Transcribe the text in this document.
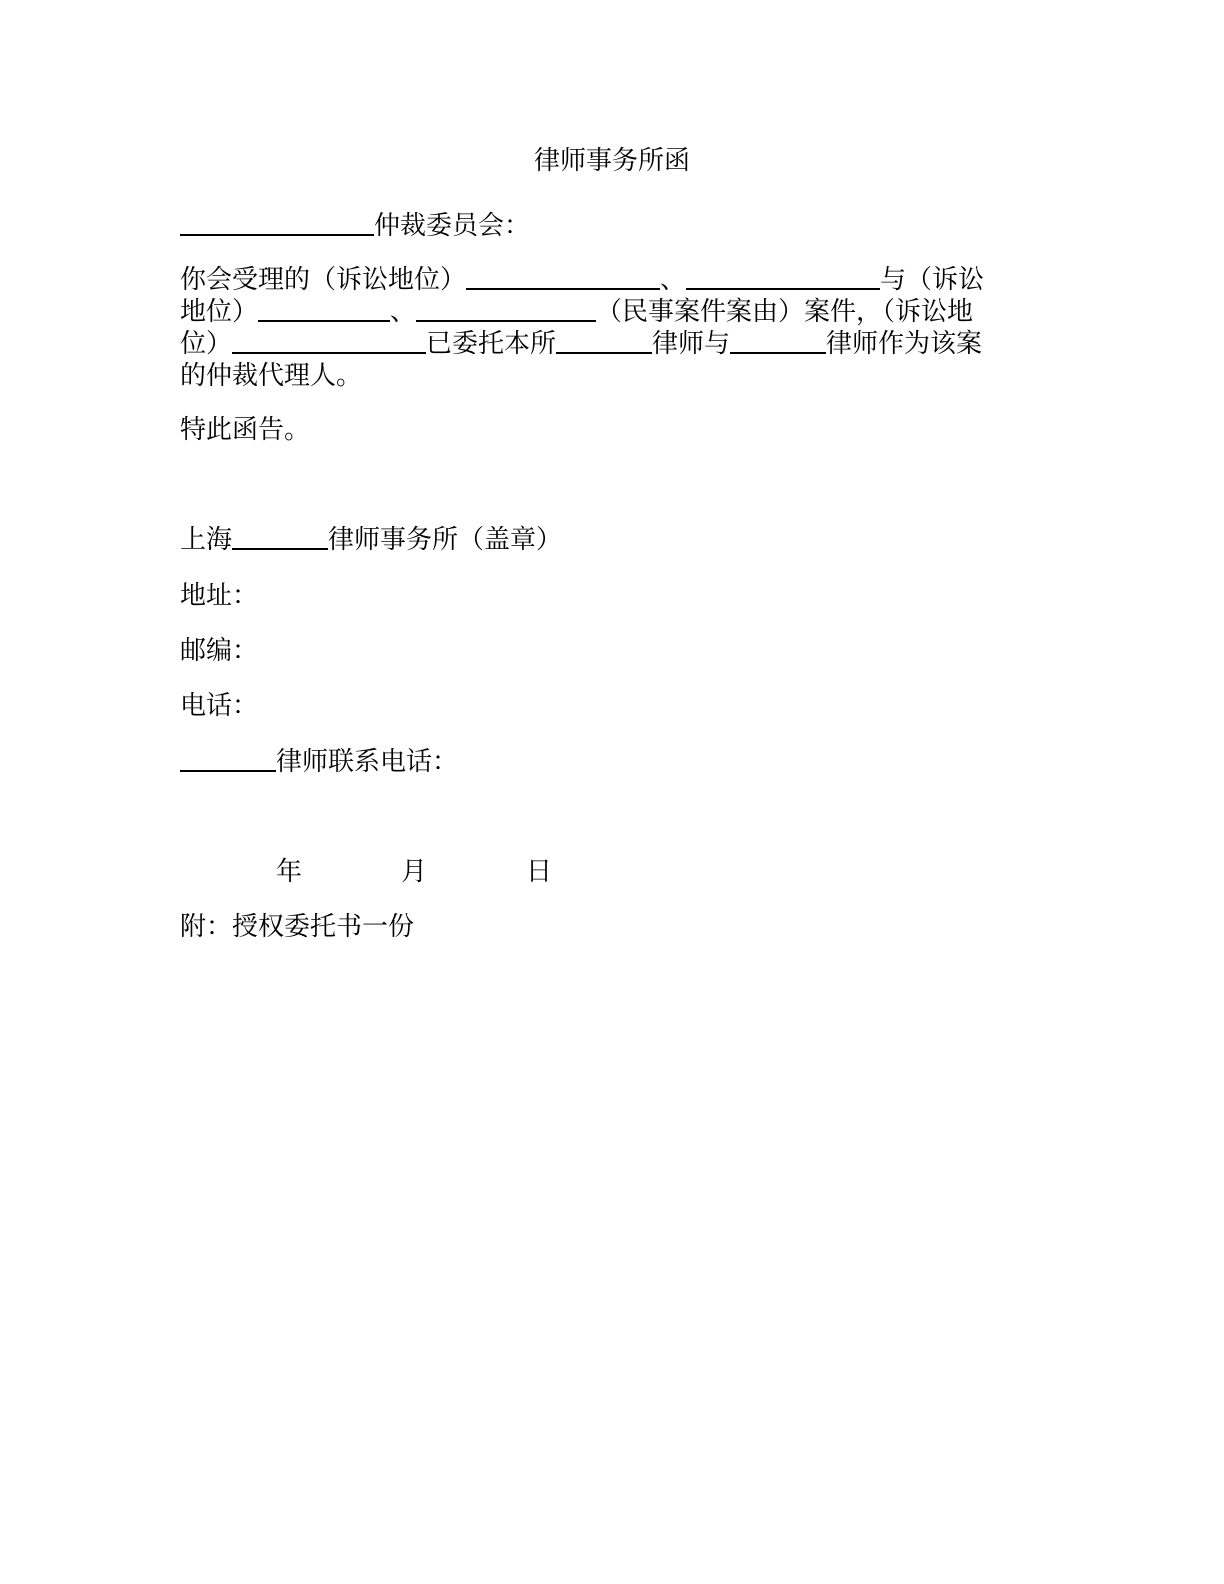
律师事务所函
仲裁委员会：
你会受理的（诉讼地位）	、	与（诉讼
地位）	、	（民事案件案由）案件，（诉讼地
位）	已委托本所	律师与	律师作为该案
的仲裁代理人。
特此函告。
上海	律师事务所（盖章）
地址：
邮编：
电话：
律师联系电话：
年	月	日
附：授权委托书一份
